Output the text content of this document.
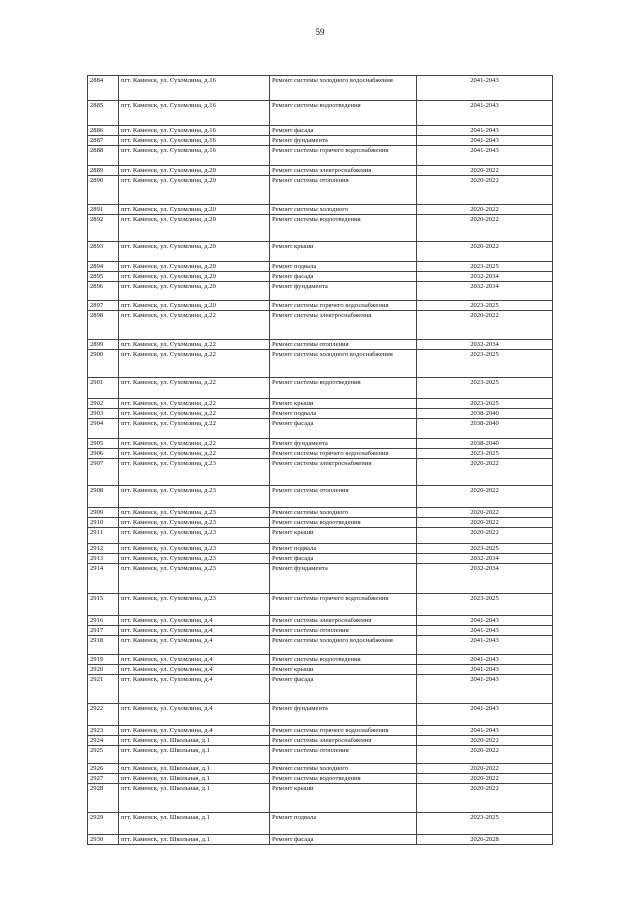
59
2884	пгт. Каменск, ул. Сухомлина, д.16	Ремонт системы холодного водоснабжения	2041-2043
2885	пгт. Каменск, ул. Сухомлина, д.16	Ремонт системы водоотведения	2041-2043
2886	пгт. Каменск, ул. Сухомлина, д.16	Ремонт фасада	2041-2043
2887	пгт. Каменск, ул. Сухомлина, д.16	Ремонт фундамента	2041-2043
2888	пгт. Каменск, ул. Сухомлина, д.16	Ремонт системы горячего водоснабжения	2041-2043
2889	пгт. Каменск, ул. Сухомлина, д.20	Ремонт системы электроснабжения	2020-2022
2890	пгт. Каменск, ул. Сухомлина, д.20	Ремонт системы отопления	2020-2022
2891	пгт. Каменск, ул. Сухомлина, д.20	Ремонт системы холодного	2020-2022
2892	пгт. Каменск, ул. Сухомлина, д.20	Ремонт системы водоотведения	2020-2022
2893	пгт. Каменск, ул. Сухомлина, д.20	Ремонт крыши	2020-2022
2894	пгт. Каменск, ул. Сухомлина, д.20	Ремонт подвала	2023-2025
2895	пгт. Каменск, ул. Сухомлина, д.20	Ремонт фасада	2032-2034
2896	пгт. Каменск, ул. Сухомлина, д.20	Ремонт фундамента	2032-2034
2897	пгт. Каменск, ул. Сухомлина, д.20	Ремонт системы горячего водоснабжения	2023-2025
2898	пгт. Каменск, ул. Сухомлина, д.22	Ремонт системы электроснабжения	2020-2022
2899	пгт. Каменск, ул. Сухомлина, д.22	Ремонт системы отопления	2032-2034
2900	пгт. Каменск, ул. Сухомлина, д.22	Ремонт системы холодного водоснабжения	2023-2025
2901	пгт. Каменск, ул. Сухомлина, д.22	Ремонт системы водоотведения	2023-2025
2902	пгт. Каменск, ул. Сухомлина, д.22	Ремонт крыши	2023-2025
2903	пгт. Каменск, ул. Сухомлина, д.22	Ремонт подвала	2038-2040
2904	пгт. Каменск, ул. Сухомлина, д.22	Ремонт фасада	2038-2040
2905	пгт. Каменск, ул. Сухомлина, д.22	Ремонт фундамента	2038-2040
2906	пгт. Каменск, ул. Сухомлина, д.22	Ремонт системы горячего водоснабжения	2023-2025
2907	пгт. Каменск, ул. Сухомлина, д.23	Ремонт системы электроснабжения	2020-2022
2908	пгт. Каменск, ул. Сухомлина, д.23	Ремонт системы отопления	2020-2022
2909	пгт. Каменск, ул. Сухомлина, д.23	Ремонт системы холодного	2020-2022
2910	пгт. Каменск, ул. Сухомлина, д.23	Ремонт системы водоотведения	2020-2022
2911	пгт. Каменск, ул. Сухомлина, д.23	Ремонт крыши	2020-2022
2912	пгт. Каменск, ул. Сухомлина, д.23	Ремонт подвала	2023-2025
2913	пгт. Каменск, ул. Сухомлина, д.23	Ремонт фасада	2032-2034
2914	пгт. Каменск, ул. Сухомлина, д.23	Ремонт фундамента	2032-2034
2915	пгт. Каменск, ул. Сухомлина, д.23	Ремонт системы горячего водоснабжения	2023-2025
2916	пгт. Каменск, ул. Сухомлина, д.4	Ремонт системы электроснабжения	2041-2043
2917	пгт. Каменск, ул. Сухомлина, д.4	Ремонт системы отопления	2041-2043
2918	пгт. Каменск, ул. Сухомлина, д.4	Ремонт системы холодного водоснабжения	2041-2043
2919	пгт. Каменск, ул. Сухомлина, д.4	Ремонт системы водоотведения	2041-2043
2920	пгт. Каменск, ул. Сухомлина, д.4	Ремонт крыши	2041-2043
2921	пгт. Каменск, ул. Сухомлина, д.4	Ремонт фасада	2041-2043
2922	пгт. Каменск, ул. Сухомлина, д.4	Ремонт фундамента	2041-2043
2923	пгт. Каменск, ул. Сухомлина, д.4	Ремонт системы горячего водоснабжения	2041-2043
2924	пгт. Каменск, ул. Школьная, д.1	Ремонт системы электроснабжения	2020-2022
2925	пгт. Каменск, ул. Школьная, д.1	Ремонт системы отопления	2020-2022
2926	пгт. Каменск, ул. Школьная, д.1	Ремонт системы холодного	2020-2022
2927	пгт. Каменск, ул. Школьная, д.1	Ремонт системы водоотведения	2020-2022
2928	пгт. Каменск, ул. Школьная, д.1	Ремонт крыши	2020-2022
2929	пгт. Каменск, ул. Школьная, д.1	Ремонт подвала	2023-2025
2930	пгт. Каменск, ул. Школьная, д.1	Ремонт фасада	2026-2028
